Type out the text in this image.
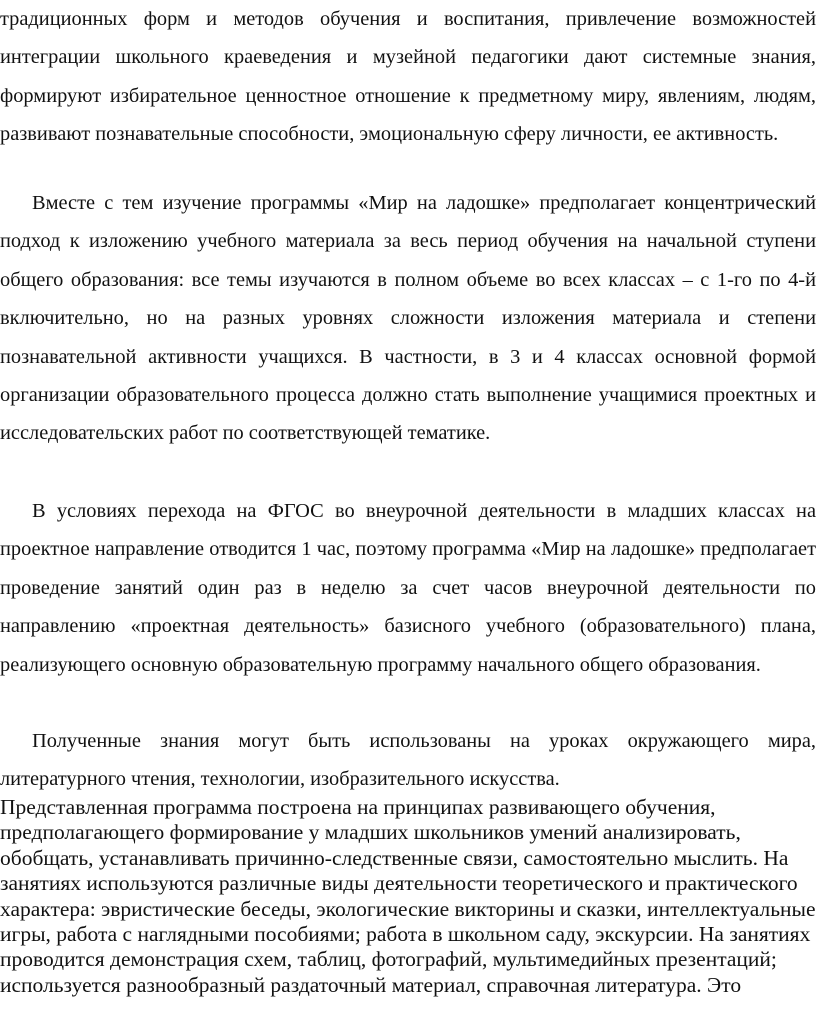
традиционных форм и методов обучения и воспитания, привлечение возможностей интеграции школьного краеведения и музейной педагогики дают системные знания, формируют избирательное ценностное отношение к предметному миру, явлениям, людям, развивают познавательные способности, эмоциональную сферу личности, ее активность.

Вместе с тем изучение программы «Мир на ладошке» предполагает концентрический подход к изложению учебного материала за весь период обучения на начальной ступени общего образования: все темы изучаются в полном объеме во всех классах – с 1-го по 4-й включительно, но на разных уровнях сложности изложения материала и степени познавательной активности учащихся. В частности, в 3 и 4 классах основной формой организации образовательного процесса должно стать выполнение учащимися проектных и исследовательских работ по соответствующей тематике.

В условиях перехода на ФГОС во внеурочной деятельности в младших классах на проектное направление отводится 1 час, поэтому программа «Мир на ладошке» предполагает проведение занятий один раз в неделю за счет часов внеурочной деятельности по направлению «проектная деятельность» базисного учебного (образовательного) плана, реализующего основную образовательную программу начального общего образования.

Полученные знания могут быть использованы на уроках окружающего мира, литературного чтения, технологии, изобразительного искусства.

Представленная программа построена на принципах развивающего обучения, предполагающего формирование у младших школьников умений анализировать, обобщать, устанавливать причинно-следственные связи, самостоятельно мыслить. На занятиях используются различные виды деятельности теоретического и практического характера: эвристические беседы, экологические викторины и сказки, интеллектуальные игры, работа с наглядными пособиями; работа в школьном саду, экскурсии. На занятиях проводится демонстрация схем, таблиц, фотографий, мультимедийных презентаций; используется разнообразный раздаточный материал, справочная литература. Это
